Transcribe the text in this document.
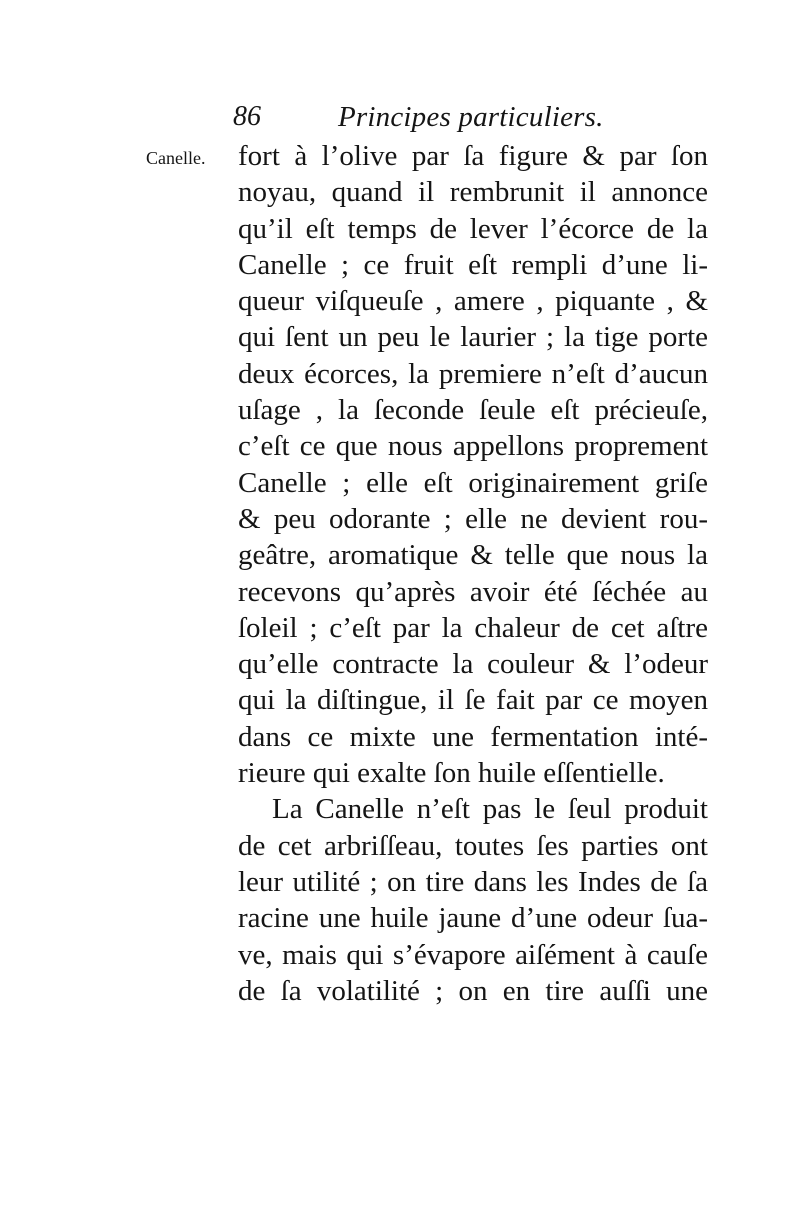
86	Principes particuliers.
Canelle. fort à l’olive par ſa figure & par ſon
noyau, quand il rembrunit il annonce
qu’il eſt temps de lever l’écorce de la
Canelle ; ce fruit eſt rempli d’une li-
queur viſqueuſe , amere , piquante , &
qui ſent un peu le laurier ; la tige porte
deux écorces, la premiere n’eſt d’aucun
uſage , la ſeconde ſeule eſt précieuſe,
c’eſt ce que nous appellons proprement
Canelle ; elle eſt originairement griſe
& peu odorante ; elle ne devient rou-
geâtre, aromatique & telle que nous la
recevons qu’après avoir été ſéchée au
ſoleil ; c’eſt par la chaleur de cet aſtre
qu’elle contracte la couleur & l’odeur
qui la diſtingue, il ſe fait par ce moyen
dans ce mixte une fermentation inté-
rieure qui exalte ſon huile eſſentielle.
La Canelle n’eſt pas le ſeul produit
de cet arbriſſeau, toutes ſes parties ont
leur utilité ; on tire dans les Indes de ſa
racine une huile jaune d’une odeur ſua-
ve, mais qui s’évapore aiſément à cauſe
de ſa volatilité ; on en tire auſſi une
